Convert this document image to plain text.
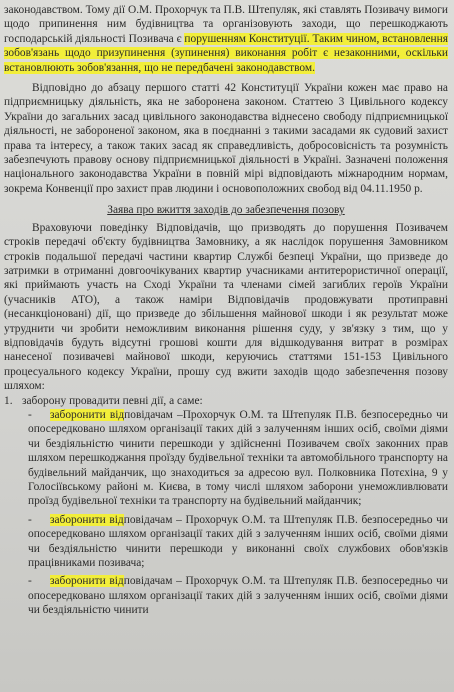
законодавством. Тому дії О.М. Прохорчук та П.В. Штепуляк, які ставлять Позивачу вимоги щодо припинення ним будівництва та організовують заходи, що перешкоджають господарській діяльності Позивача є порушенням Конституції. Таким чином, встановлення зобов'язань щодо призупинення (зупинення) виконання робіт є незаконними, оскільки встановлюють зобов'язання, що не передбачені законодавством.

Відповідно до абзацу першого статті 42 Конституції України кожен має право на підприємницьку діяльність, яка не заборонена законом. Статтею 3 Цивільного кодексу України до загальних засад цивільного законодавства віднесено свободу підприємницької діяльності, не забороненої законом, яка в поєднанні з такими засадами як судовий захист права та інтересу, а також таких засад як справедливість, добросовісність та розумність забезпечують правову основу підприємницької діяльності в Україні. Зазначені положення національного законодавства України в повній мірі відповідають міжнародним нормам, зокрема Конвенції про захист прав людини і основоположних свобод від 04.11.1950 р.

Заява про вжиття заходів до забезпечення позову

Враховуючи поведінку Відповідачів, що призводять до порушення Позивачем строків передачі об'єкту будівництва Замовнику, а як наслідок порушення Замовником строків подальшої передачі частини квартир Службі безпеці України, що призведе до затримки в отриманні довгоочікуваних квартир учасниками антитерористичної операції, які приймають участь на Сході України та членами сімей загиблих героїв України (учасників АТО), а також наміри Відповідачів продовжувати протиправні (несанкціоновані) дії, що призведе до збільшення майнової шкоди і як результат може утруднити чи зробити неможливим виконання рішення суду, у зв'язку з тим, що у відповідачів будуть відсутні грошові кошти для відшкодування витрат в розмірах нанесеної позивачеві майнової шкоди, керуючись статтями 151-153 Цивільного процесуального кодексу України, прошу суд вжити заходів щодо забезпечення позову шляхом:

1. заборону провадити певні дії, а саме:

- заборонити відповідачам –Прохорчук О.М. та Штепуляк П.В. безпосередньо чи опосередковано шляхом організації таких дій з залученням інших осіб, своїми діями чи бездіяльністю чинити перешкоди у здійсненні Позивачем своїх законних прав шляхом перешкоджання проїзду будівельної техніки та автомобільного транспорту на будівельний майданчик, що знаходиться за адресою вул. Полковника Потєхіна, 9 у Голосіївському районі м. Києва, в тому числі шляхом заборони унеможливлювати проїзд будівельної техніки та транспорту на будівельний майданчик;

- заборонити відповідачам – Прохорчук О.М. та Штепуляк П.В. безпосередньо чи опосередковано шляхом організації таких дій з залученням інших осіб, своїми діями чи бездіяльністю чинити перешкоди у виконанні своїх службових обов'язків працівниками позивача;

- заборонити відповідачам – Прохорчук О.М. та Штепуляк П.В. безпосередньо чи опосередковано шляхом організації таких дій з залученням інших осіб, своїми діями чи бездіяльністю чинити
